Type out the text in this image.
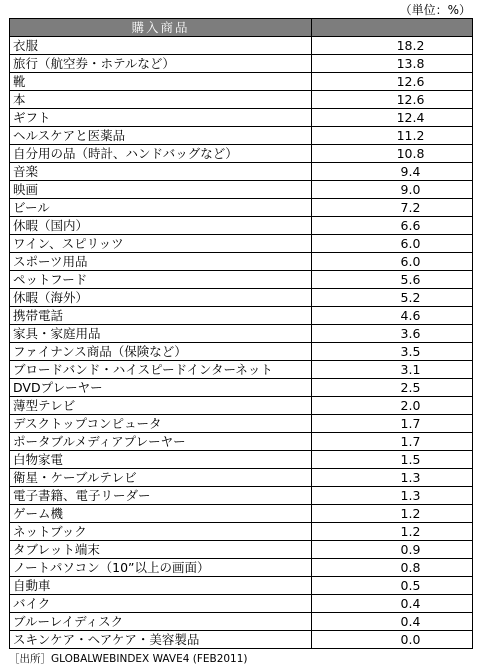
（単位：%）
購入商品	
衣服	18.2
旅行（航空券・ホテルなど）	13.8
靴	12.6
本	12.6
ギフト	12.4
ヘルスケアと医薬品	11.2
自分用の品（時計、ハンドバッグなど）	10.8
音楽	9.4
映画	9.0
ビール	7.2
休暇（国内）	6.6
ワイン、スピリッツ	6.0
スポーツ用品	6.0
ペットフード	5.6
休暇（海外）	5.2
携帯電話	4.6
家具・家庭用品	3.6
ファイナンス商品（保険など）	3.5
ブロードバンド・ハイスピードインターネット	3.1
DVDプレーヤー	2.5
薄型テレビ	2.0
デスクトップコンピュータ	1.7
ポータブルメディアプレーヤー	1.7
白物家電	1.5
衛星・ケーブルテレビ	1.3
電子書籍、電子リーダー	1.3
ゲーム機	1.2
ネットブック	1.2
タブレット端末	0.9
ノートパソコン（10”以上の画面）	0.8
自動車	0.5
バイク	0.4
ブルーレイディスク	0.4
スキンケア・ヘアケア・美容製品	0.0
［出所］GLOBALWEBINDEX WAVE4 (FEB2011)
